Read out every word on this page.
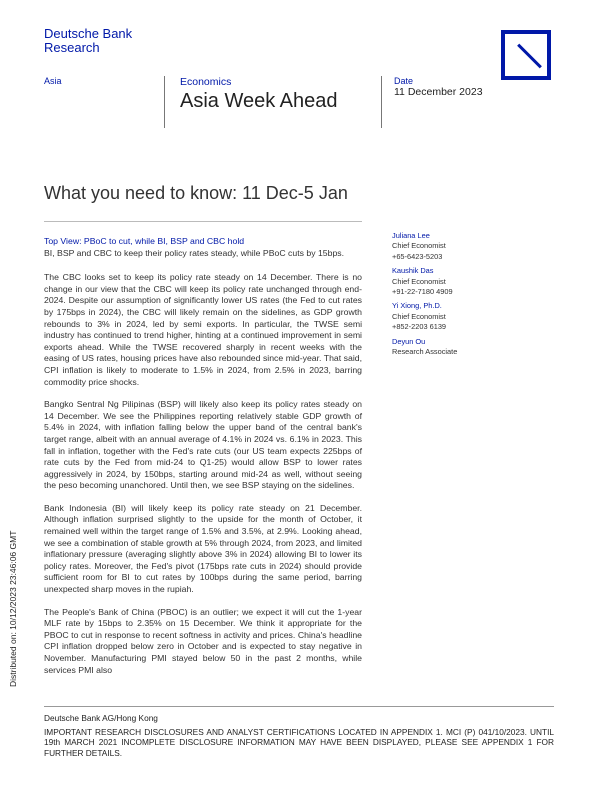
Deutsche Bank
Research
Asia	Economics
Asia Week Ahead
Date
11 December 2023
What you need to know: 11 Dec-5 Jan
Top View: PBoC to cut, while BI, BSP and CBC hold

BI, BSP and CBC to keep their policy rates steady, while PBoC cuts by 15bps.

The CBC looks set to keep its policy rate steady on 14 December. There is no change in our view that the CBC will keep its policy rate unchanged through end-2024. Despite our assumption of significantly lower US rates (the Fed to cut rates by 175bps in 2024), the CBC will likely remain on the sidelines, as GDP growth rebounds to 3% in 2024, led by semi exports. In particular, the TWSE semi industry has continued to trend higher, hinting at a continued improvement in semi exports ahead. While the TWSE recovered sharply in recent weeks with the easing of US rates, housing prices have also rebounded since mid-year. That said, CPI inflation is likely to moderate to 1.5% in 2024, from 2.5% in 2023, barring commodity price shocks.

Bangko Sentral Ng Pilipinas (BSP) will likely also keep its policy rates steady on 14 December. We see the Philippines reporting relatively stable GDP growth of 5.4% in 2024, with inflation falling below the upper band of the central bank's target range, albeit with an annual average of 4.1% in 2024 vs. 6.1% in 2023. This fall in inflation, together with the Fed's rate cuts (our US team expects 225bps of rate cuts by the Fed from mid-24 to Q1-25) would allow BSP to lower rates aggressively in 2024, by 150bps, starting around mid-24 as well, without seeing the peso becoming unanchored. Until then, we see BSP staying on the sidelines.

Bank Indonesia (BI) will likely keep its policy rate steady on 21 December. Although inflation surprised slightly to the upside for the month of October, it remained well within the target range of 1.5% and 3.5%, at 2.9%. Looking ahead, we see a combination of stable growth at 5% through 2024, from 2023, and limited inflationary pressure (averaging slightly above 3% in 2024) allowing BI to lower its policy rates. Moreover, the Fed's pivot (175bps rate cuts in 2024) should provide sufficient room for BI to cut rates by 100bps during the same period, barring unexpected sharp moves in the rupiah.

The People's Bank of China (PBOC) is an outlier; we expect it will cut the 1-year MLF rate by 15bps to 2.35% on 15 December. We think it appropriate for the PBOC to cut in response to recent softness in activity and prices. China's headline CPI inflation dropped below zero in October and is expected to stay negative in November. Manufacturing PMI stayed below 50 in the past 2 months, while services PMI also

Juliana Lee
Chief Economist
+65-6423-5203
Kaushik Das
Chief Economist
+91-22-7180 4909
Yi Xiong, Ph.D.
Chief Economist
+852-2203 6139
Deyun Ou
Research Associate
Deutsche Bank AG/Hong Kong
IMPORTANT RESEARCH DISCLOSURES AND ANALYST CERTIFICATIONS LOCATED IN APPENDIX 1. MCI (P) 041/10/2023. UNTIL 19th MARCH 2021 INCOMPLETE DISCLOSURE INFORMATION MAY HAVE BEEN DISPLAYED, PLEASE SEE APPENDIX 1 FOR FURTHER DETAILS.
Distributed on: 10/12/2023 23:46:06 GMT
